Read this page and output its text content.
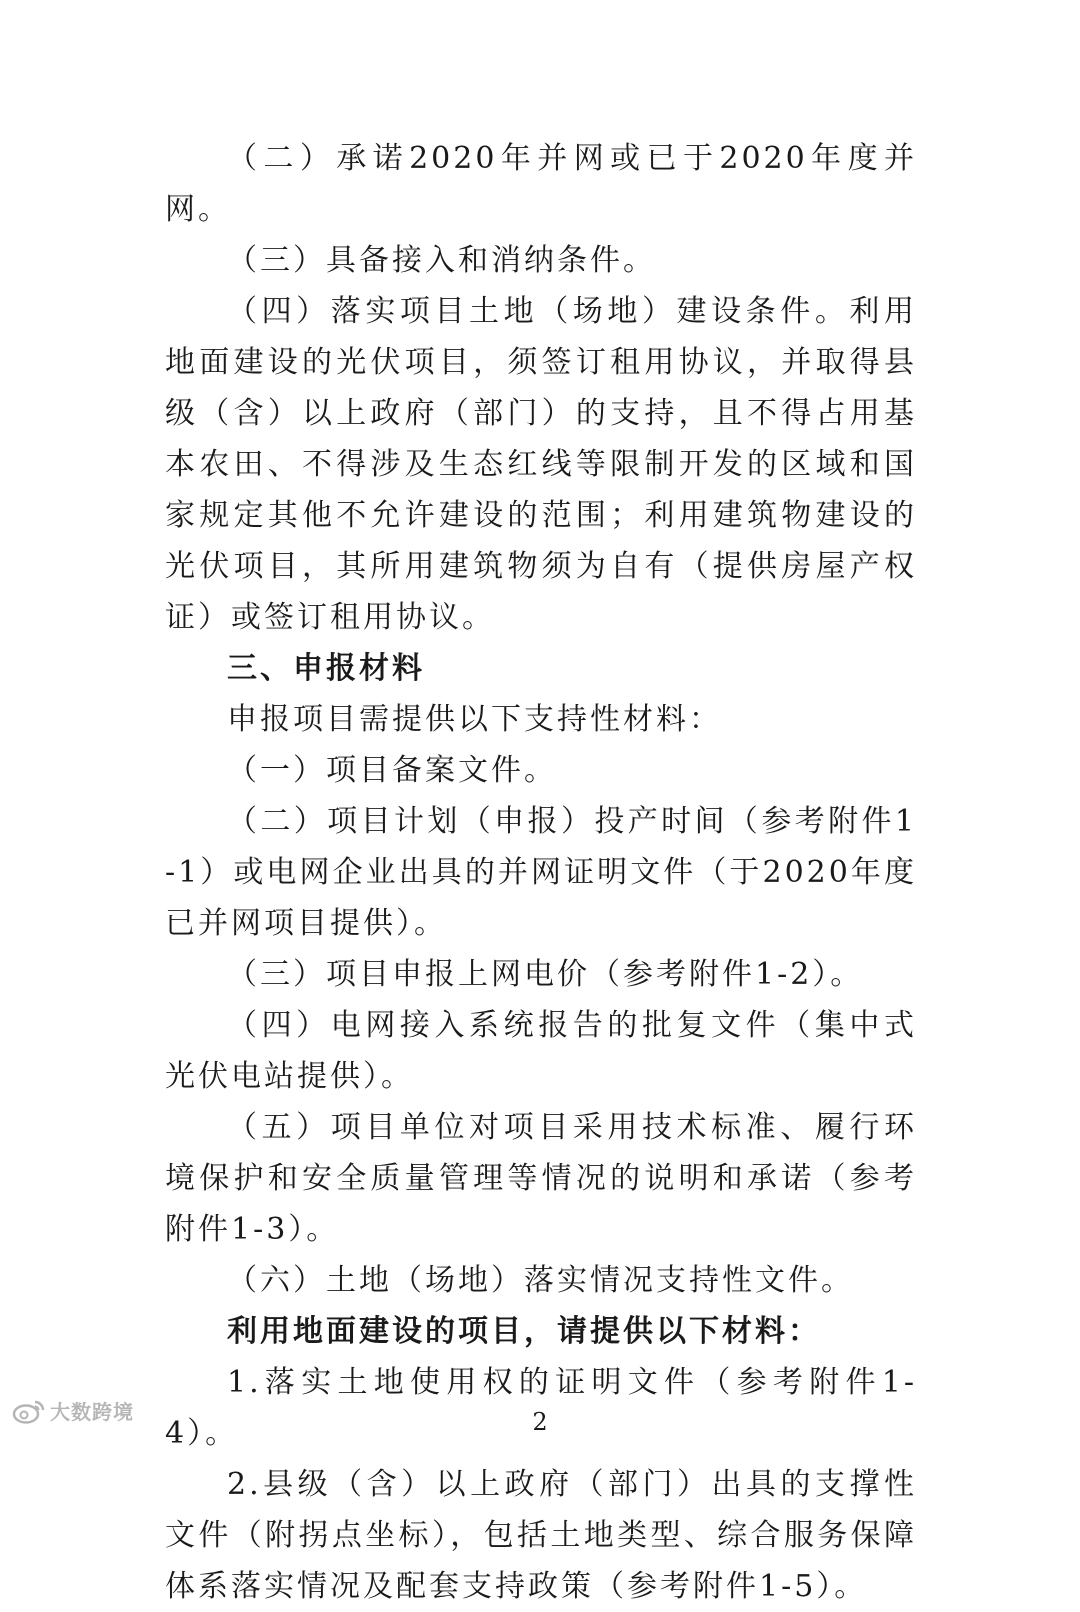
（二）承诺2020年并网或已于2020年度并网。

（三）具备接入和消纳条件。

（四）落实项目土地（场地）建设条件。利用地面建设的光伏项目，须签订租用协议，并取得县级（含）以上政府（部门）的支持，且不得占用基本农田、不得涉及生态红线等限制开发的区域和国家规定其他不允许建设的范围；利用建筑物建设的光伏项目，其所用建筑物须为自有（提供房屋产权证）或签订租用协议。

三、申报材料

申报项目需提供以下支持性材料：

（一）项目备案文件。

（二）项目计划（申报）投产时间（参考附件1-1）或电网企业出具的并网证明文件（于2020年度已并网项目提供）。

（三）项目申报上网电价（参考附件1-2）。

（四）电网接入系统报告的批复文件（集中式光伏电站提供）。

（五）项目单位对项目采用技术标准、履行环境保护和安全质量管理等情况的说明和承诺（参考附件1-3）。

（六）土地（场地）落实情况支持性文件。

利用地面建设的项目，请提供以下材料：

1.落实土地使用权的证明文件（参考附件1-4）。

2.县级（含）以上政府（部门）出具的支撑性文件（附拐点坐标），包括土地类型、综合服务保障体系落实情况及配套支持政策（参考附件1-5）。

大数跨境	2
